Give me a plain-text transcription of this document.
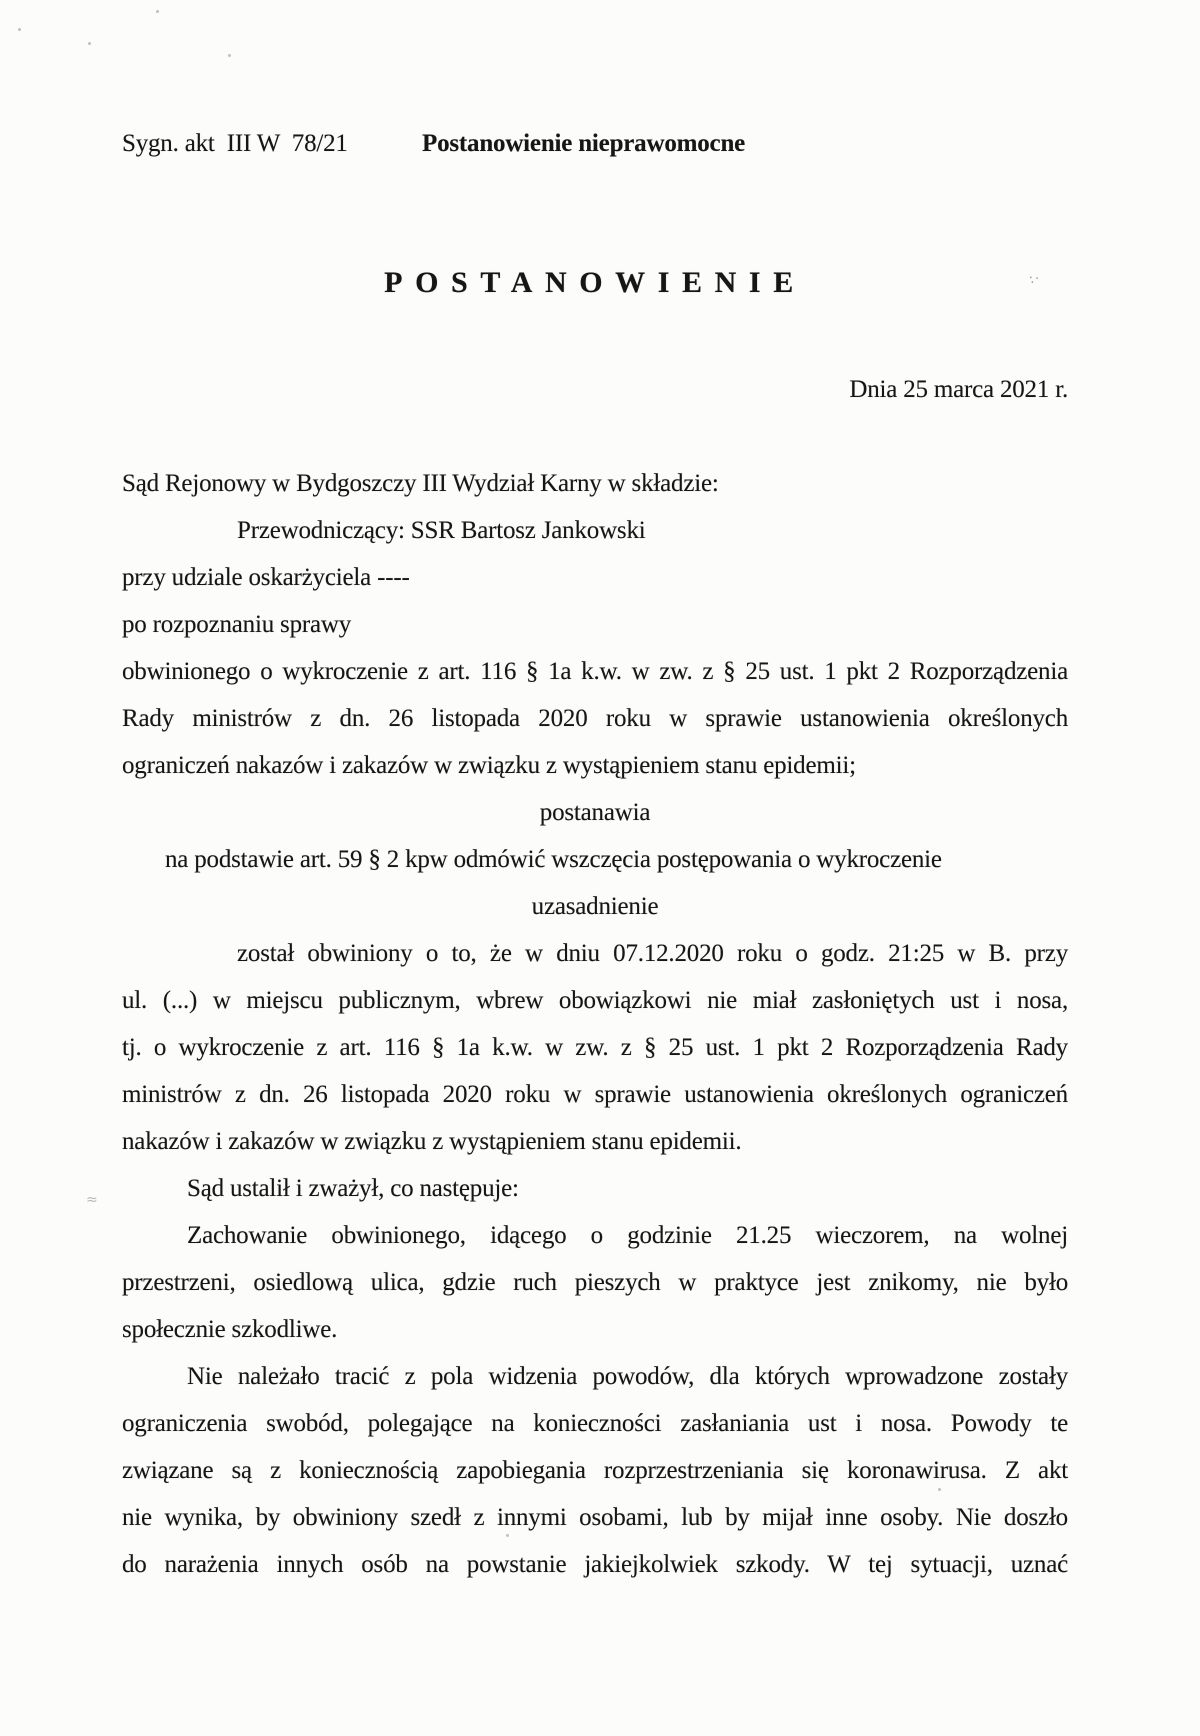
∶·
≈
Sygn. akt  III W  78/21	Postanowienie nieprawomocne
POSTANOWIENIE
Dnia 25 marca 2021 r.
Sąd Rejonowy w Bydgoszczy III Wydział Karny w składzie:
Przewodniczący: SSR Bartosz Jankowski
przy udziale oskarżyciela ----
po rozpoznaniu sprawy
obwinionego o wykroczenie z art. 116 § 1a k.w. w zw. z § 25 ust. 1 pkt 2 Rozporządzenia
Rady ministrów z dn. 26 listopada 2020 roku w sprawie ustanowienia określonych
ograniczeń nakazów i zakazów w związku z wystąpieniem stanu epidemii;
postanawia
na podstawie art. 59 § 2 kpw odmówić wszczęcia postępowania o wykroczenie
uzasadnienie
został obwiniony o to, że w dniu 07.12.2020 roku o godz. 21:25 w B. przy
ul. (...) w miejscu publicznym, wbrew obowiązkowi nie miał zasłoniętych ust i nosa,
tj. o wykroczenie z art. 116 § 1a k.w. w zw. z § 25 ust. 1 pkt 2 Rozporządzenia Rady
ministrów z dn. 26 listopada 2020 roku w sprawie ustanowienia określonych ograniczeń
nakazów i zakazów w związku z wystąpieniem stanu epidemii.
Sąd ustalił i zważył, co następuje:
Zachowanie obwinionego, idącego o godzinie 21.25 wieczorem, na wolnej
przestrzeni, osiedlową ulica, gdzie ruch pieszych w praktyce jest znikomy, nie było
społecznie szkodliwe.
Nie należało tracić z pola widzenia powodów, dla których wprowadzone zostały
ograniczenia swobód, polegające na konieczności zasłaniania ust i nosa. Powody te
związane są z koniecznością zapobiegania rozprzestrzeniania się koronawirusa. Z akt
nie wynika, by obwiniony szedł z innymi osobami, lub by mijał inne osoby. Nie doszło
do narażenia innych osób na powstanie jakiejkolwiek szkody. W tej sytuacji, uznać
